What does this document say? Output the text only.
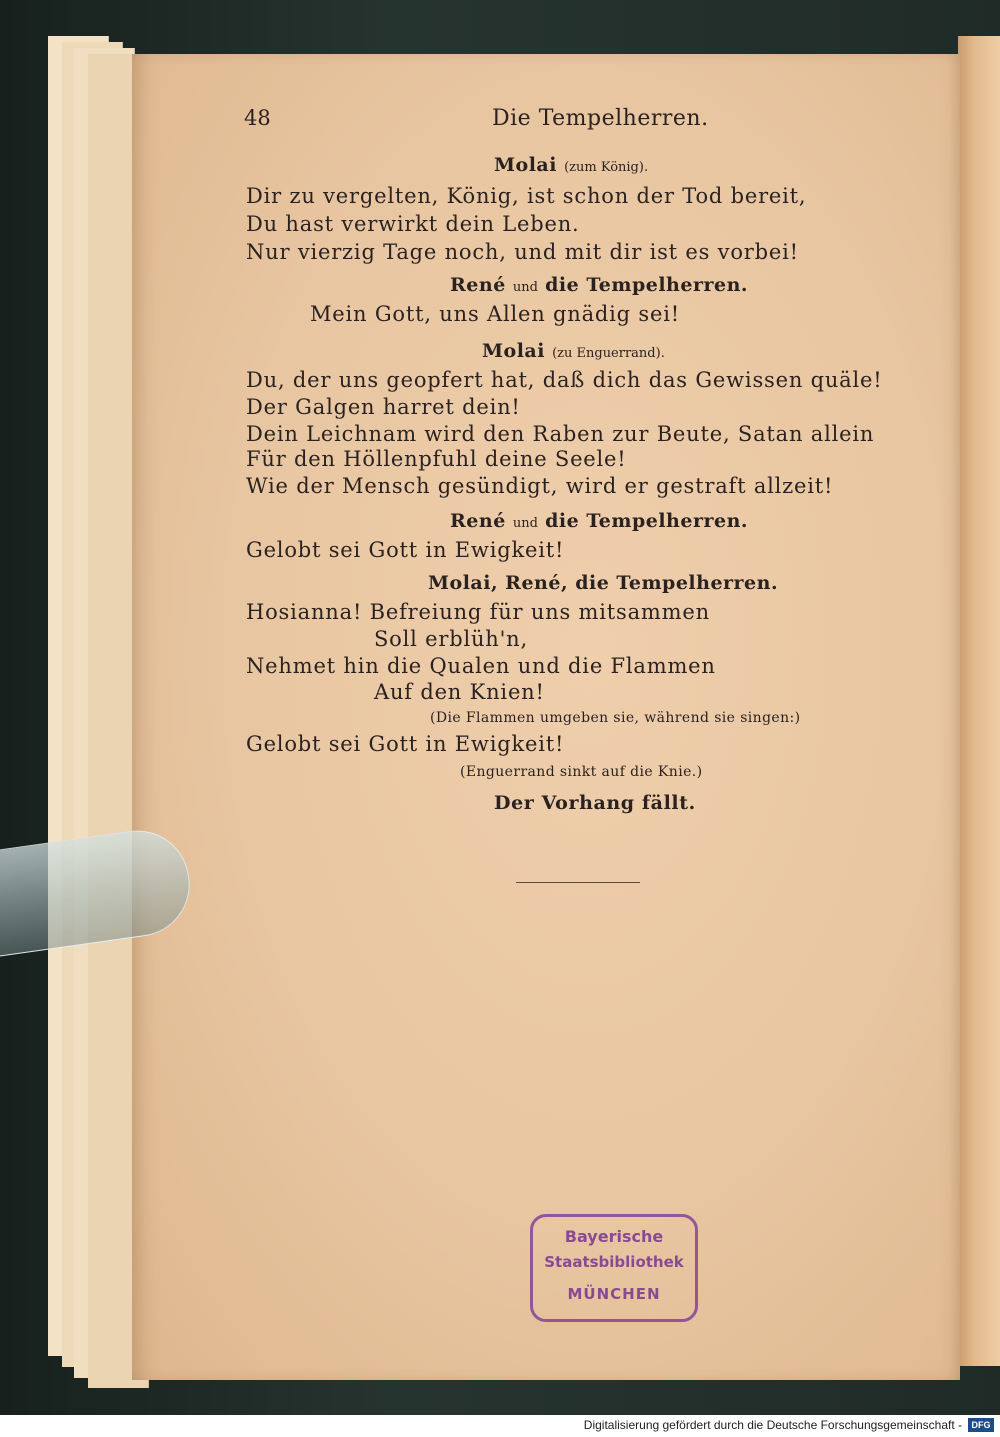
48	Die Tempelherren.
Molai (zum König).
Dir zu vergelten, König, ist schon der Tod bereit,
Du hast verwirkt dein Leben.
Nur vierzig Tage noch, und mit dir ist es vorbei!
René und die Tempelherren.
Mein Gott, uns Allen gnädig sei!
Molai (zu Enguerrand).
Du, der uns geopfert hat, daß dich das Gewissen quäle!
Der Galgen harret dein!
Dein Leichnam wird den Raben zur Beute, Satan allein
Für den Höllenpfuhl deine Seele!
Wie der Mensch gesündigt, wird er gestraft allzeit!
René und die Tempelherren.
Gelobt sei Gott in Ewigkeit!
Molai, René, die Tempelherren.
Hosianna! Befreiung für uns mitsammen
Soll erblüh'n,
Nehmet hin die Qualen und die Flammen
Auf den Knien!
(Die Flammen umgeben sie, während sie singen:)
Gelobt sei Gott in Ewigkeit!
(Enguerrand sinkt auf die Knie.)
Der Vorhang fällt.
Bayerische
Staatsbibliothek
MÜNCHEN
Digitalisierung gefördert durch die Deutsche Forschungsgemeinschaft -	DFG
